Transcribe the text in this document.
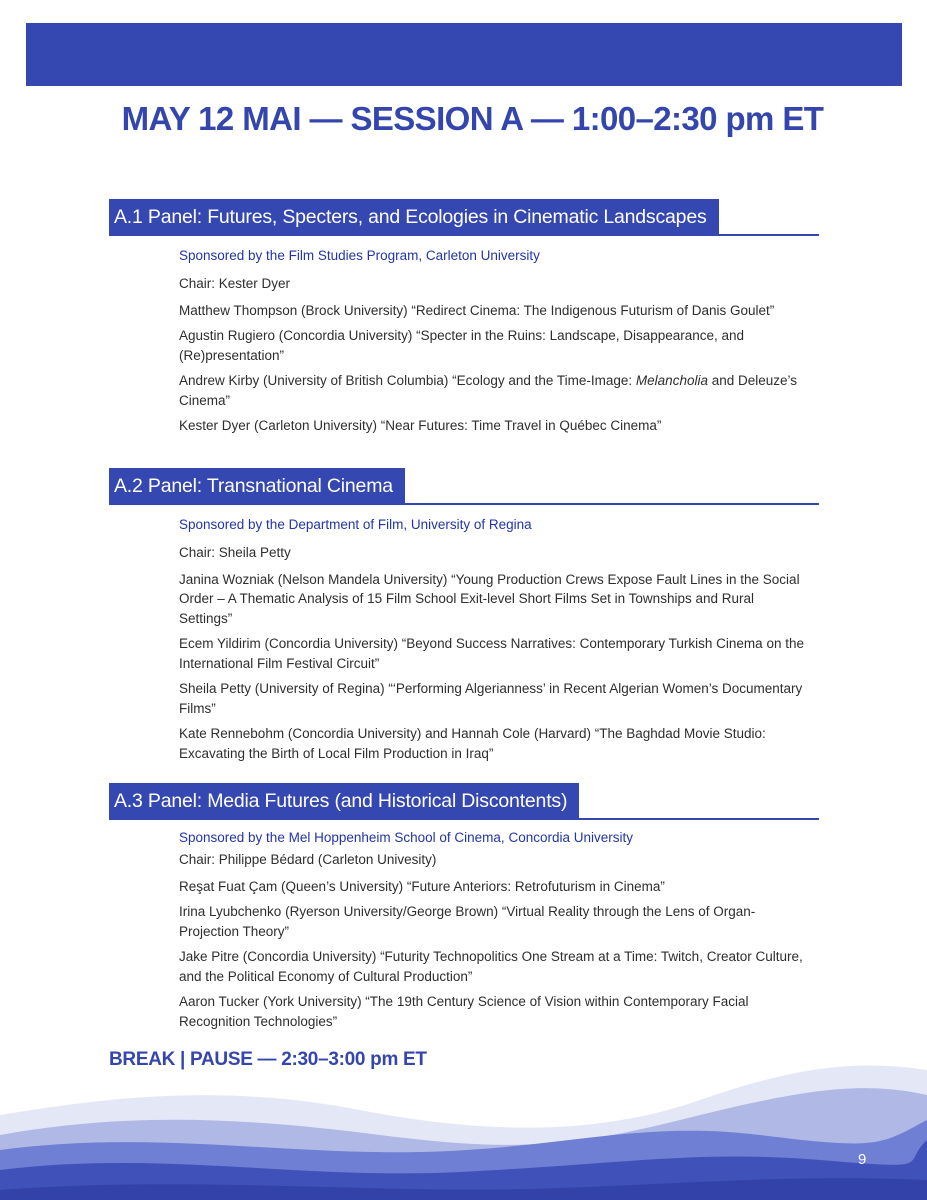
MAY 12 MAI — SESSION A — 1:00–2:30 pm ET
A.1 Panel: Futures, Specters, and Ecologies in Cinematic Landscapes
Sponsored by the Film Studies Program, Carleton University
Chair: Kester Dyer
Matthew Thompson (Brock University) “Redirect Cinema: The Indigenous Futurism of Danis Goulet”
Agustin Rugiero (Concordia University) “Specter in the Ruins: Landscape, Disappearance, and (Re)presentation”
Andrew Kirby (University of British Columbia) “Ecology and the Time-Image: Melancholia and Deleuze’s Cinema”
Kester Dyer (Carleton University) “Near Futures: Time Travel in Québec Cinema”
A.2 Panel: Transnational Cinema
Sponsored by the Department of Film, University of Regina
Chair: Sheila Petty
Janina Wozniak (Nelson Mandela University) “Young Production Crews Expose Fault Lines in the Social Order – A Thematic Analysis of 15 Film School Exit-level Short Films Set in Townships and Rural Settings”
Ecem Yildirim (Concordia University) “Beyond Success Narratives: Contemporary Turkish Cinema on the International Film Festival Circuit”
Sheila Petty (University of Regina) “‘Performing Algerianness’ in Recent Algerian Women’s Documentary Films”
Kate Rennebohm (Concordia University) and Hannah Cole (Harvard) “The Baghdad Movie Studio: Excavating the Birth of Local Film Production in Iraq”
A.3 Panel: Media Futures (and Historical Discontents)
Sponsored by the Mel Hoppenheim School of Cinema, Concordia University
Chair: Philippe Bédard (Carleton Univesity)
Reşat Fuat Çam (Queen’s University) “Future Anteriors: Retrofuturism in Cinema”
Irina Lyubchenko (Ryerson University/George Brown) “Virtual Reality through the Lens of Organ-Projection Theory”
Jake Pitre (Concordia University) “Futurity Technopolitics One Stream at a Time: Twitch, Creator Culture, and the Political Economy of Cultural Production”
Aaron Tucker (York University) “The 19th Century Science of Vision within Contemporary Facial Recognition Technologies”
BREAK | PAUSE — 2:30–3:00 pm ET
9
